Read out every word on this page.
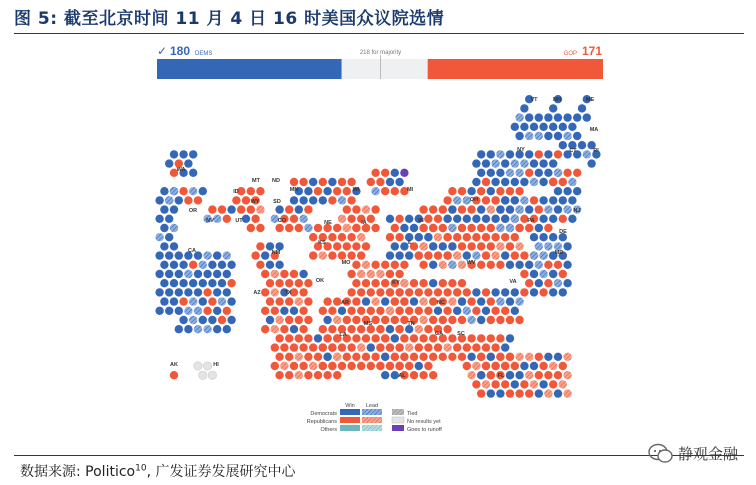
图 5: 截至北京时间 11 月 4 日 16 时美国众议院选情
218 for majority
✓ 180 DEMS	171
GOP
VT	NH	ME
MA
NY	CT	RI
WA
MT ND
MN	WI	MI
ID
OR
WY SD
NJ
NV	UT	CO	NE	IA	IN
OH
PA
DE
CA
KS	IL
NM
MO	WV
MD
OK	KY	VA
AZ	TX
AR	NC
MS	TN
SC
GA
LA
AL	FL
AK	HI
Win Lead
Democrats
Republicans
Others
Tied
No results yet
Goes to runoff
数据来源: Politico$^{10}$, 广发证券发展研究中心
静观金融
